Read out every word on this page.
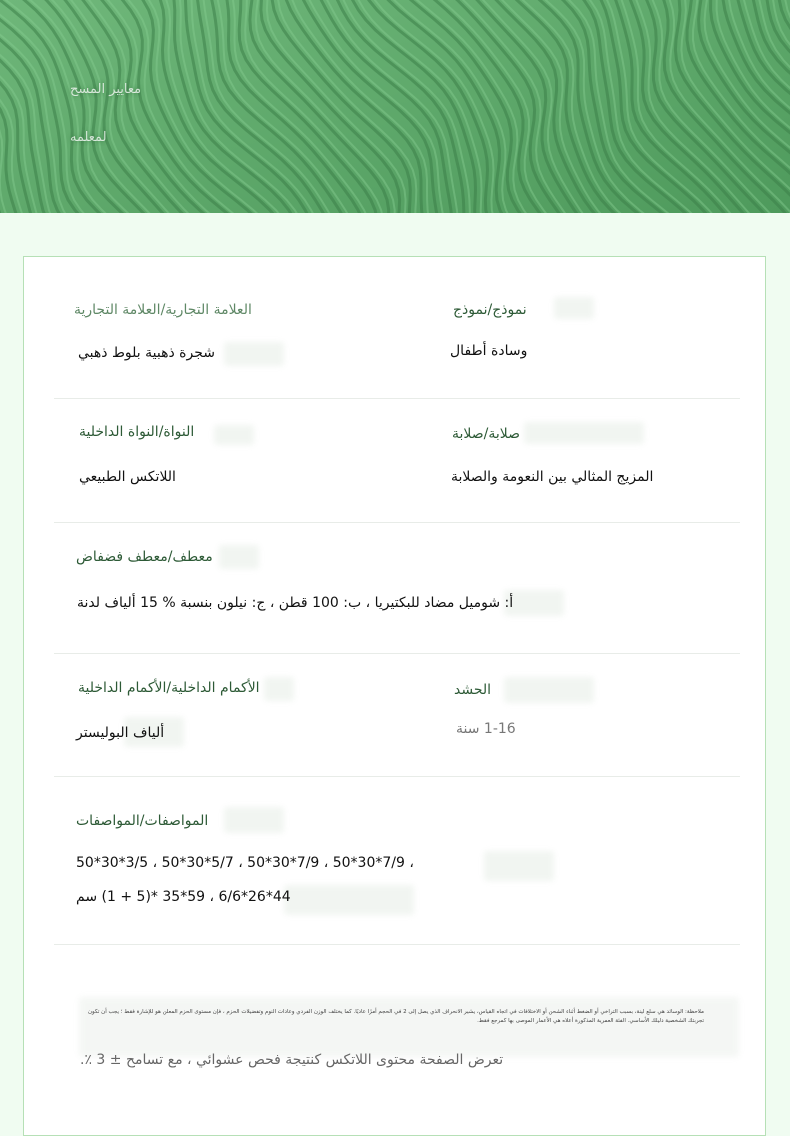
معايير المسح
لمعلمه
العلامة التجارية/العلامة التجارية
شجرة ذهبية بلوط ذهبي
نموذج/نموذج
وسادة أطفال
النواة/النواة الداخلية
اللاتكس الطبيعي
صلابة/صلابة
المزيج المثالي بين النعومة والصلابة
معطف/معطف فضفاض
أ: شوميل مضاد للبكتيريا ، ب: 100 قطن ، ج: نيلون بنسبة % 15 ألياف لدنة
الأكمام الداخلية/الأكمام الداخلية
ألياف البوليستر
الحشد
1-16 سنة
المواصفات/المواصفات
50*30*3/5 ، 50*30*5/7 ، 50*30*7/9 ، 50*30*7/9 ،
44*26*6/6 ، 59*35 *(5 + 1) سم
ملاحظة: الوسائد هي سلع لينة، بسبب التراخي أو الضغط أثناء الشحن أو الاختلافات في اتجاه القياس، يشير الانحراف الذي يصل إلى 2 في الحجم أمرًا عاديًا. كما يختلف الوزن الفردي وعادات النوم وتفضيلات الحزم ، فإن مستوى الحزم المعلن هو للإشارة فقط ؛ يجب أن تكون تجربتك الشخصية دليلك الأساسي. الفئة العمرية المذكورة أعلاه هي الأعمار الموصى بها كمرجع فقط.
تعرض الصفحة محتوى اللاتكس كنتيجة فحص عشوائي ، مع تسامح ± 3 ٪.
